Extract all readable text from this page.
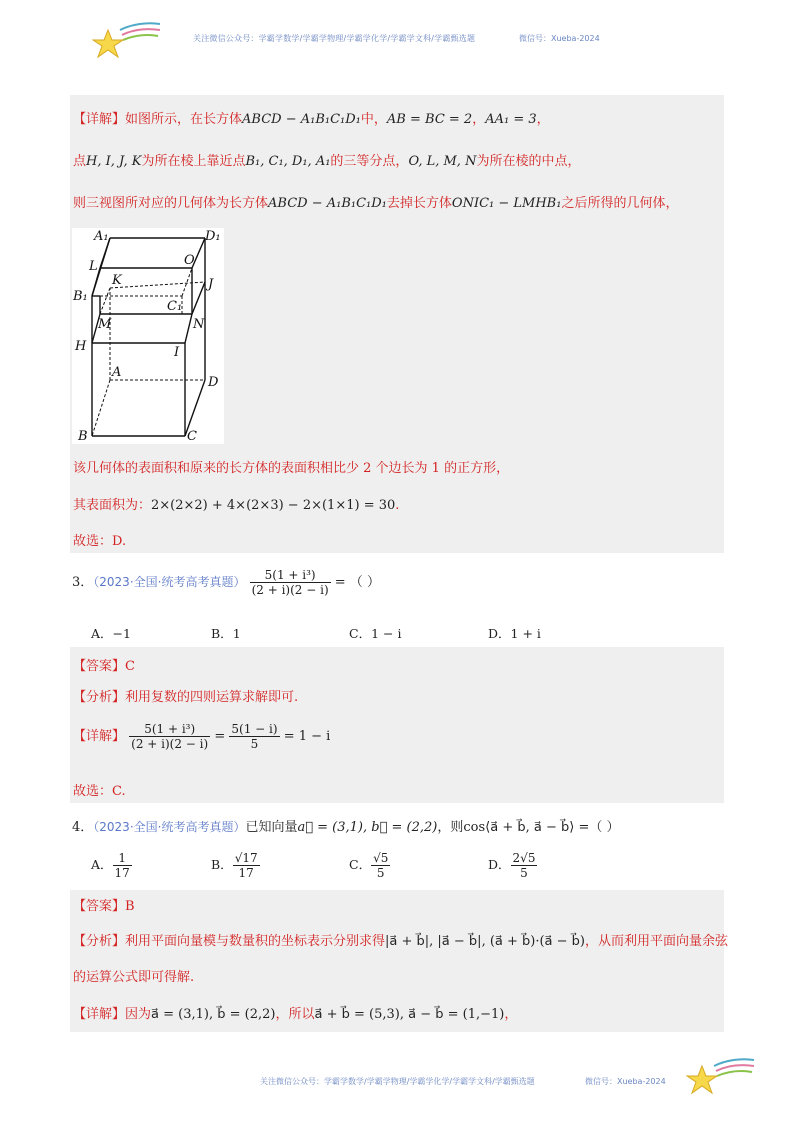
关注微信公众号：学霸学数学/学霸学物理/学霸学化学/学霸学文科/学霸甄选题	微信号：Xueba-2024
【详解】如图所示，在长方体ABCD − A₁B₁C₁D₁中，AB = BC = 2，AA₁ = 3，
点H, I, J, K为所在棱上靠近点B₁, C₁, D₁, A₁的三等分点，O, L, M, N为所在棱的中点，
则三视图所对应的几何体为长方体ABCD − A₁B₁C₁D₁去掉长方体ONIC₁ − LMHB₁之后所得的几何体，
A₁	D₁
L	O
K
B₁
J
C₁
M	N
H	I
A
D
B	C
该几何体的表面积和原来的长方体的表面积相比少 2 个边长为 1 的正方形，
其表面积为：2×(2×2) + 4×(2×3) − 2×(1×1) = 30.
故选：D.
3．（2023·全国·统考高考真题） $\frac{\text{5(1 + i³)}}{(2 + i)(2 - i)}$ = （ ）
A．−1	B．1	C．1 − i	D．1 + i
【答案】C
【分析】利用复数的四则运算求解即可.
【详解】 $\frac{\text{5(1 + i³)}}{(2 + i)(2 - i)} = \frac{5(1 - i)}{5} = 1 - i$
故选：C.
4．（2023·全国·统考高考真题）已知向量a⃗ = (3,1), b⃗ = (2,2)，则cos⟨a⃗ + b⃗, a⃗ − b⃗⟩ =（ ）
A． $\frac{1}{17}$	B． $\frac{√17}{17}$	C． $\frac{√5}{5}$	D． $\frac{2√5}{5}$
【答案】B
【分析】利用平面向量模与数量积的坐标表示分别求得|a⃗ + b⃗|, |a⃗ − b⃗|, (a⃗ + b⃗)·(a⃗ − b⃗)，从而利用平面向量余弦
的运算公式即可得解.
【详解】因为a⃗ = (3,1), b⃗ = (2,2)，所以a⃗ + b⃗ = (5,3), a⃗ − b⃗ = (1,−1)，
关注微信公众号：学霸学数学/学霸学物理/学霸学化学/学霸学文科/学霸甄选题	微信号：Xueba-2024
